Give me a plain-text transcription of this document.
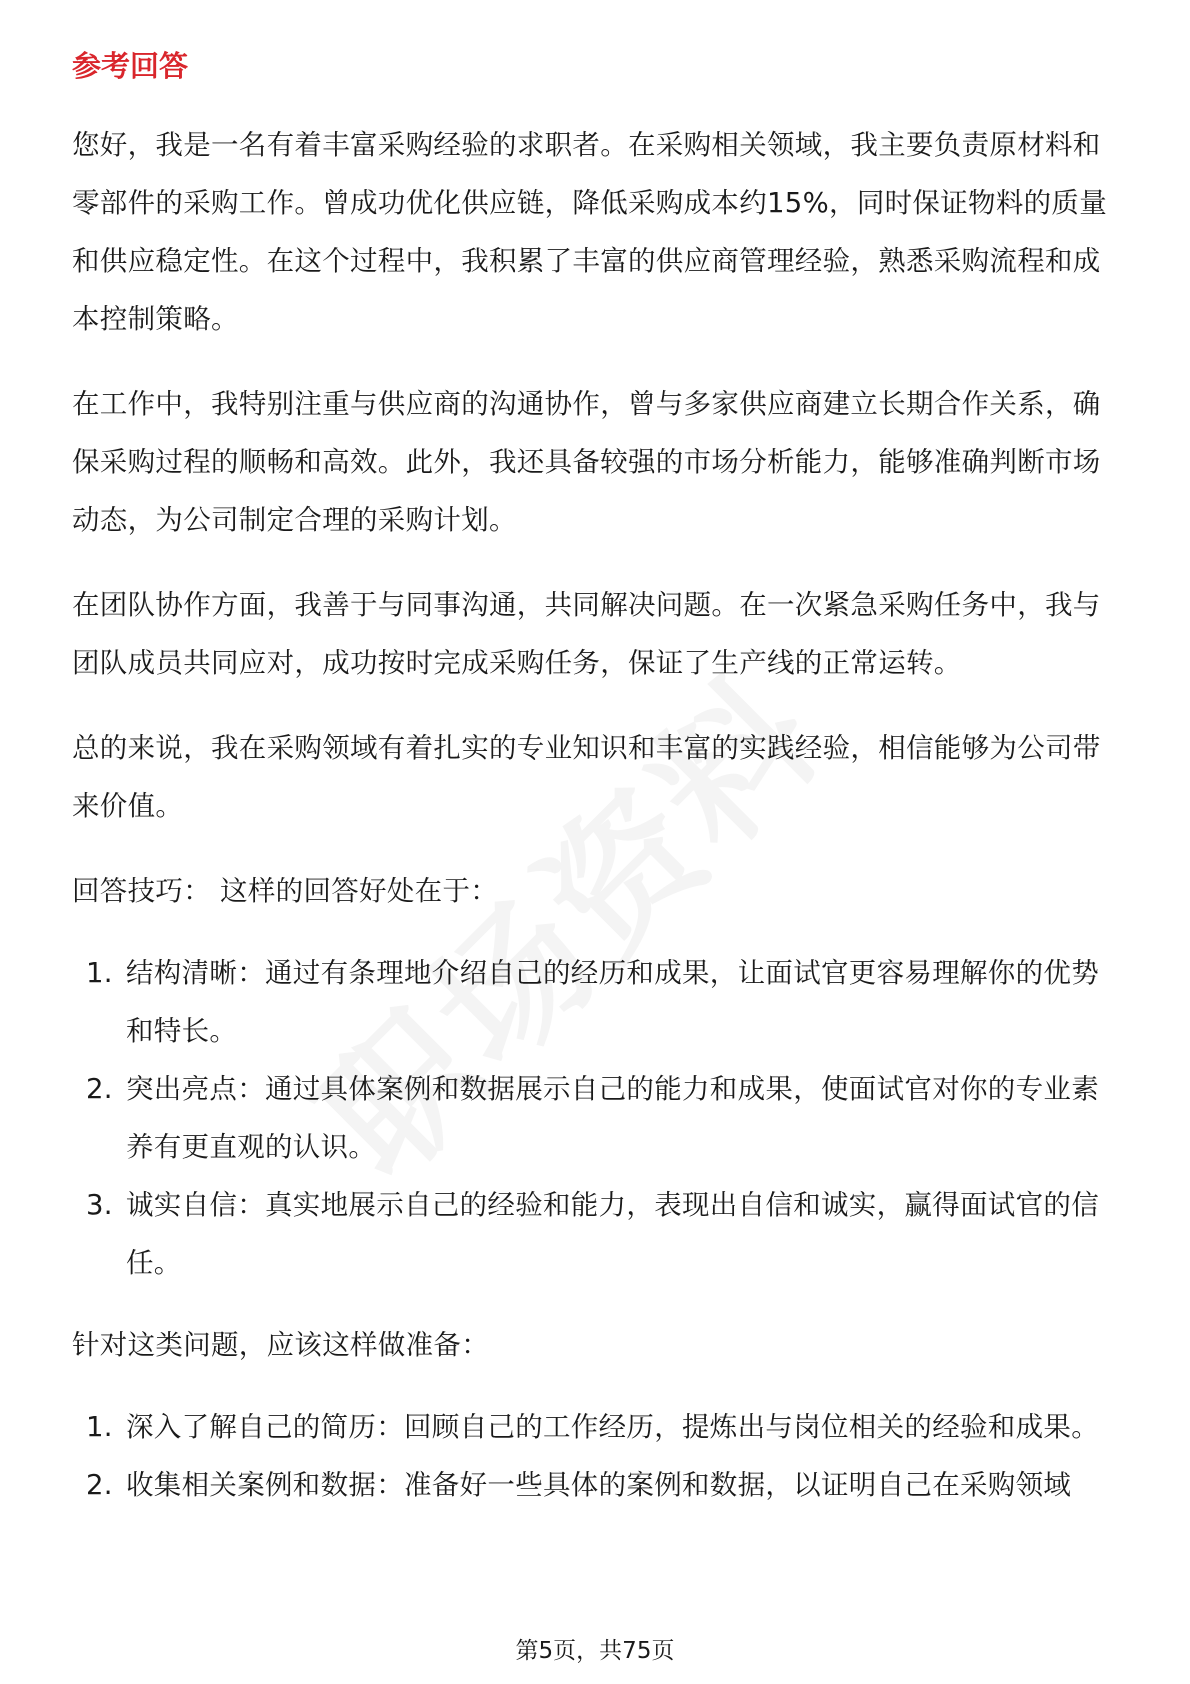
参考回答

您好，我是一名有着丰富采购经验的求职者。在采购相关领域，我主要负责原材料和零部件的采购工作。曾成功优化供应链，降低采购成本约15%，同时保证物料的质量和供应稳定性。在这个过程中，我积累了丰富的供应商管理经验，熟悉采购流程和成本控制策略。

在工作中，我特别注重与供应商的沟通协作，曾与多家供应商建立长期合作关系，确保采购过程的顺畅和高效。此外，我还具备较强的市场分析能力，能够准确判断市场动态，为公司制定合理的采购计划。

在团队协作方面，我善于与同事沟通，共同解决问题。在一次紧急采购任务中，我与团队成员共同应对，成功按时完成采购任务，保证了生产线的正常运转。

总的来说，我在采购领域有着扎实的专业知识和丰富的实践经验，相信能够为公司带来价值。

回答技巧： 这样的回答好处在于：

1. 结构清晰：通过有条理地介绍自己的经历和成果，让面试官更容易理解你的优势和特长。
2. 突出亮点：通过具体案例和数据展示自己的能力和成果，使面试官对你的专业素养有更直观的认识。
3. 诚实自信：真实地展示自己的经验和能力，表现出自信和诚实，赢得面试官的信任。

针对这类问题，应该这样做准备：

1. 深入了解自己的简历：回顾自己的工作经历，提炼出与岗位相关的经验和成果。
2. 收集相关案例和数据：准备好一些具体的案例和数据，以证明自己在采购领域
第5页，共75页
